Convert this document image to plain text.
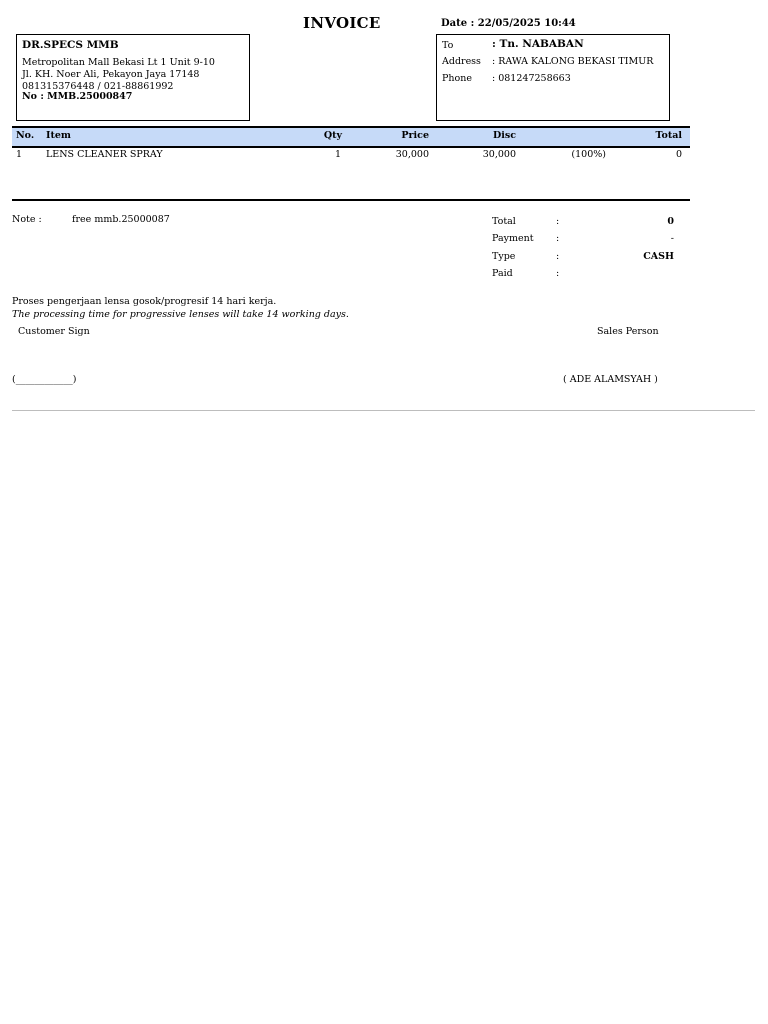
INVOICE	Date : 22/05/2025 10:44
DR.SPECS MMB
Metropolitan Mall Bekasi Lt 1 Unit 9-10
Jl. KH. Noer Ali, Pekayon Jaya 17148
081315376448 / 021-88861992
No : MMB.25000847
To	: Tn. NABABAN
Address : RAWA KALONG BEKASI TIMUR
Phone : 081247258663
No. Item	Qty	Price	Disc	Total
1	LENS CLEANER SPRAY	1	30,000	30,000	(100%)	0
Note :	free mmb.25000087	Total	:	0
Payment :	-
Type	:	CASH
Paid	:
Proses pengerjaan lensa gosok/progresif 14 hari kerja.
The processing time for progressive lenses will take 14 working days.
Customer Sign	Sales Person
(____________)	( ADE ALAMSYAH )
